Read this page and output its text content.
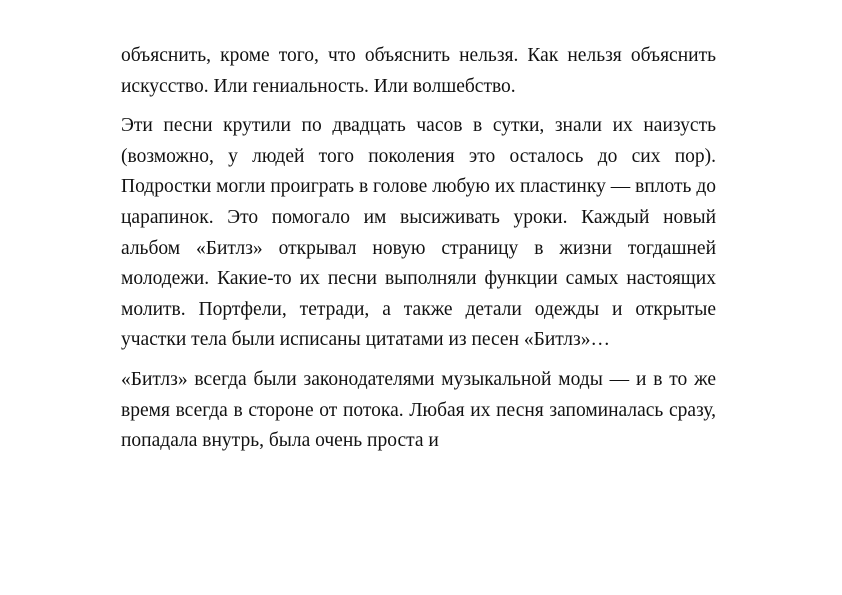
объяснить, кроме того, что объяснить нельзя. Как нельзя объяснить искусство. Или гениальность. Или волшебство.

Эти песни крутили по двадцать часов в сутки, знали их наизусть (возможно, у людей того поколения это осталось до сих пор). Подростки могли проиграть в голове любую их пластинку — вплоть до царапинок. Это помогало им высиживать уроки. Каждый новый альбом «Битлз» открывал новую страницу в жизни тогдашней молодежи. Какие-то их песни выполняли функции самых настоящих молитв. Портфели, тетради, а также детали одежды и открытые участки тела были исписаны цитатами из песен «Битлз»…

«Битлз» всегда были законодателями музыкальной моды — и в то же время всегда в стороне от потока. Любая их песня запоминалась сразу, попадала внутрь, была очень проста и
